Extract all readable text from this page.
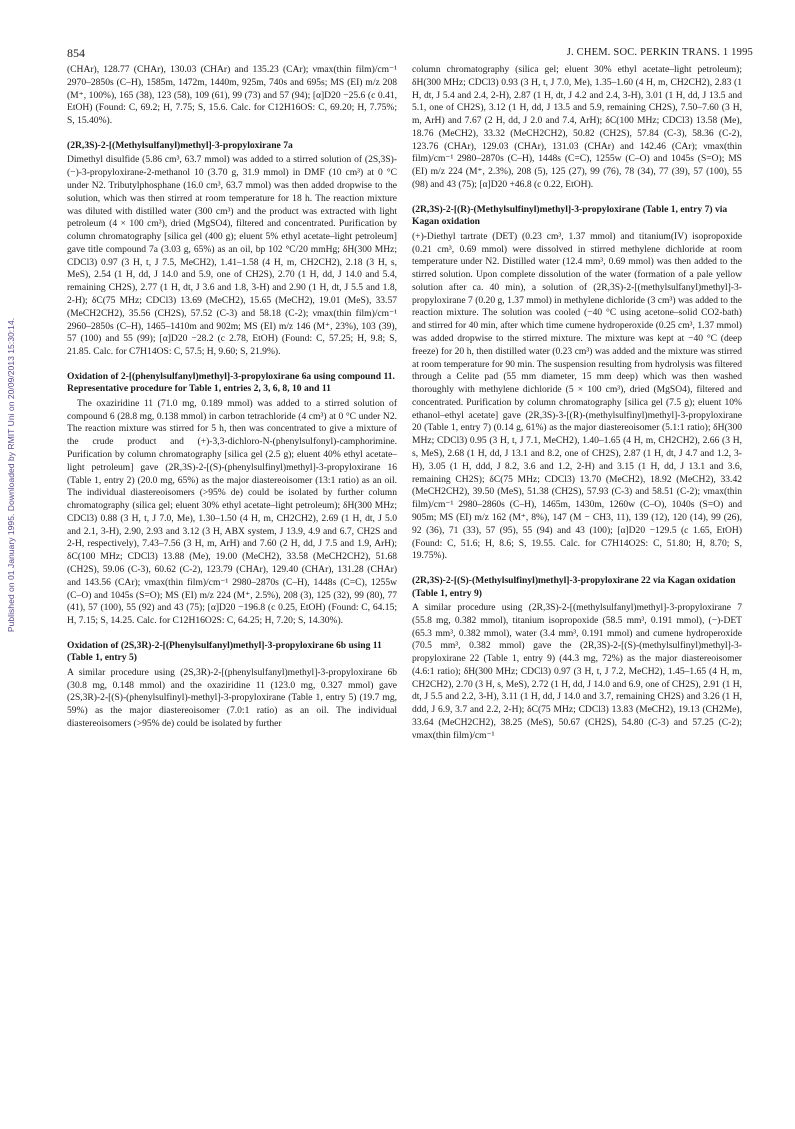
854	J. CHEM. SOC. PERKIN TRANS. 1 1995
Published on 01 January 1995. Downloaded by RMIT Uni on 20/09/2013 15:30:14.

(CHAr), 128.77 (CHAr), 130.03 (CHAr) and 135.23 (CAr); νmax(thin film)/cm⁻¹ 2970–2850s (C–H), 1585m, 1472m, 1440m, 925m, 740s and 695s; MS (EI) m/z 208 (M⁺, 100%), 165 (38), 123 (58), 109 (61), 99 (73) and 57 (94); [α]D20 −25.6 (c 0.41, EtOH) (Found: C, 69.2; H, 7.75; S, 15.6. Calc. for C12H16OS: C, 69.20; H, 7.75%; S, 15.40%).

(2R,3S)-2-[(Methylsulfanyl)methyl]-3-propyloxirane 7a

Dimethyl disulfide (5.86 cm³, 63.7 mmol) was added to a stirred solution of (2S,3S)-(−)-3-propyloxirane-2-methanol 10 (3.70 g, 31.9 mmol) in DMF (10 cm³) at 0 °C under N2. Tributylphosphane (16.0 cm³, 63.7 mmol) was then added dropwise to the solution, which was then stirred at room temperature for 18 h. The reaction mixture was diluted with distilled water (300 cm³) and the product was extracted with light petroleum (4 × 100 cm³), dried (MgSO4), filtered and concentrated. Purification by column chromatography [silica gel (400 g); eluent 5% ethyl acetate–light petroleum] gave title compound 7a (3.03 g, 65%) as an oil, bp 102 °C/20 mmHg; δH(300 MHz; CDCl3) 0.97 (3 H, t, J 7.5, MeCH2), 1.41–1.58 (4 H, m, CH2CH2), 2.18 (3 H, s, MeS), 2.54 (1 H, dd, J 14.0 and 5.9, one of CH2S), 2.70 (1 H, dd, J 14.0 and 5.4, remaining CH2S), 2.77 (1 H, dt, J 3.6 and 1.8, 3-H) and 2.90 (1 H, dt, J 5.5 and 1.8, 2-H); δC(75 MHz; CDCl3) 13.69 (MeCH2), 15.65 (MeCH2), 19.01 (MeS), 33.57 (MeCH2CH2), 35.56 (CH2S), 57.52 (C-3) and 58.18 (C-2); νmax(thin film)/cm⁻¹ 2960–2850s (C–H), 1465–1410m and 902m; MS (EI) m/z 146 (M⁺, 23%), 103 (39), 57 (100) and 55 (99); [α]D20 −28.2 (c 2.78, EtOH) (Found: C, 57.25; H, 9.8; S, 21.85. Calc. for C7H14OS: C, 57.5; H, 9.60; S, 21.9%).

Oxidation of 2-[(phenylsulfanyl)methyl]-3-propyloxirane 6a using compound 11. Representative procedure for Table 1, entries 2, 3, 6, 8, 10 and 11

The oxaziridine 11 (71.0 mg, 0.189 mmol) was added to a stirred solution of compound 6 (28.8 mg, 0.138 mmol) in carbon tetrachloride (4 cm³) at 0 °C under N2. The reaction mixture was stirred for 5 h, then was concentrated to give a mixture of the crude product and (+)-3,3-dichloro-N-(phenylsulfonyl)-camphorimine. Purification by column chromatography [silica gel (2.5 g); eluent 40% ethyl acetate–light petroleum] gave (2R,3S)-2-[(S)-(phenylsulfinyl)methyl]-3-propyloxirane 16 (Table 1, entry 2) (20.0 mg, 65%) as the major diastereoisomer (13:1 ratio) as an oil. The individual diastereoisomers (>95% de) could be isolated by further column chromatography (silica gel; eluent 30% ethyl acetate–light petroleum); δH(300 MHz; CDCl3) 0.88 (3 H, t, J 7.0, Me), 1.30–1.50 (4 H, m, CH2CH2), 2.69 (1 H, dt, J 5.0 and 2.1, 3-H), 2.90, 2.93 and 3.12 (3 H, ABX system, J 13.9, 4.9 and 6.7, CH2S and 2-H, respectively), 7.43–7.56 (3 H, m, ArH) and 7.60 (2 H, dd, J 7.5 and 1.9, ArH); δC(100 MHz; CDCl3) 13.88 (Me), 19.00 (MeCH2), 33.58 (MeCH2CH2), 51.68 (CH2S), 59.06 (C-3), 60.62 (C-2), 123.79 (CHAr), 129.40 (CHAr), 131.28 (CHAr) and 143.56 (CAr); νmax(thin film)/cm⁻¹ 2980–2870s (C–H), 1448s (C=C), 1255w (C–O) and 1045s (S=O); MS (EI) m/z 224 (M⁺, 2.5%), 208 (3), 125 (32), 99 (80), 77 (41), 57 (100), 55 (92) and 43 (75); [α]D20 −196.8 (c 0.25, EtOH) (Found: C, 64.15; H, 7.15; S, 14.25. Calc. for C12H16O2S: C, 64.25; H, 7.20; S, 14.30%).

Oxidation of (2S,3R)-2-[(Phenylsulfanyl)methyl]-3-propyloxirane 6b using 11 (Table 1, entry 5)

A similar procedure using (2S,3R)-2-[(phenylsulfanyl)methyl]-3-propyloxirane 6b (30.8 mg, 0.148 mmol) and the oxaziridine 11 (123.0 mg, 0.327 mmol) gave (2S,3R)-2-[(S)-(phenylsulfinyl)-methyl]-3-propyloxirane (Table 1, entry 5) (19.7 mg, 59%) as the major diastereoisomer (7.0:1 ratio) as an oil. The individual diastereoisomers (>95% de) could be isolated by further

column chromatography (silica gel; eluent 30% ethyl acetate–light petroleum); δH(300 MHz; CDCl3) 0.93 (3 H, t, J 7.0, Me), 1.35–1.60 (4 H, m, CH2CH2), 2.83 (1 H, dt, J 5.4 and 2.4, 2-H), 2.87 (1 H, dt, J 4.2 and 2.4, 3-H), 3.01 (1 H, dd, J 13.5 and 5.1, one of CH2S), 3.12 (1 H, dd, J 13.5 and 5.9, remaining CH2S), 7.50–7.60 (3 H, m, ArH) and 7.67 (2 H, dd, J 2.0 and 7.4, ArH); δC(100 MHz; CDCl3) 13.58 (Me), 18.76 (MeCH2), 33.32 (MeCH2CH2), 50.82 (CH2S), 57.84 (C-3), 58.36 (C-2), 123.76 (CHAr), 129.03 (CHAr), 131.03 (CHAr) and 142.46 (CAr); νmax(thin film)/cm⁻¹ 2980–2870s (C–H), 1448s (C=C), 1255w (C–O) and 1045s (S=O); MS (EI) m/z 224 (M⁺, 2.3%), 208 (5), 125 (27), 99 (76), 78 (34), 77 (39), 57 (100), 55 (98) and 43 (75); [α]D20 +46.8 (c 0.22, EtOH).

(2R,3S)-2-[(R)-(Methylsulfinyl)methyl]-3-propyloxirane (Table 1, entry 7) via Kagan oxidation

(+)-Diethyl tartrate (DET) (0.23 cm³, 1.37 mmol) and titanium(IV) isopropoxide (0.21 cm³, 0.69 mmol) were dissolved in stirred methylene dichloride at room temperature under N2. Distilled water (12.4 mm³, 0.69 mmol) was then added to the stirred solution. Upon complete dissolution of the water (formation of a pale yellow solution after ca. 40 min), a solution of (2R,3S)-2-[(methylsulfanyl)methyl]-3-propyloxirane 7 (0.20 g, 1.37 mmol) in methylene dichloride (3 cm³) was added to the reaction mixture. The solution was cooled (−40 °C using acetone–solid CO2-bath) and stirred for 40 min, after which time cumene hydroperoxide (0.25 cm³, 1.37 mmol) was added dropwise to the stirred mixture. The mixture was kept at −40 °C (deep freeze) for 20 h, then distilled water (0.23 cm³) was added and the mixture was stirred at room temperature for 90 min. The suspension resulting from hydrolysis was filtered through a Celite pad (55 mm diameter, 15 mm deep) which was then washed thoroughly with methylene dichloride (5 × 100 cm³), dried (MgSO4), filtered and concentrated. Purification by column chromatography [silica gel (7.5 g); eluent 10% ethanol–ethyl acetate] gave (2R,3S)-3-[(R)-(methylsulfinyl)methyl]-3-propyloxirane 20 (Table 1, entry 7) (0.14 g, 61%) as the major diastereoisomer (5.1:1 ratio); δH(300 MHz; CDCl3) 0.95 (3 H, t, J 7.1, MeCH2), 1.40–1.65 (4 H, m, CH2CH2), 2.66 (3 H, s, MeS), 2.68 (1 H, dd, J 13.1 and 8.2, one of CH2S), 2.87 (1 H, dt, J 4.7 and 1.2, 3-H), 3.05 (1 H, ddd, J 8.2, 3.6 and 1.2, 2-H) and 3.15 (1 H, dd, J 13.1 and 3.6, remaining CH2S); δC(75 MHz; CDCl3) 13.70 (MeCH2), 18.92 (MeCH2), 33.42 (MeCH2CH2), 39.50 (MeS), 51.38 (CH2S), 57.93 (C-3) and 58.51 (C-2); νmax(thin film)/cm⁻¹ 2980–2860s (C–H), 1465m, 1430m, 1260w (C–O), 1040s (S=O) and 905m; MS (EI) m/z 162 (M⁺, 8%), 147 (M − CH3, 11), 139 (12), 120 (14), 99 (26), 92 (36), 71 (33), 57 (95), 55 (94) and 43 (100); [α]D20 −129.5 (c 1.65, EtOH) (Found: C, 51.6; H, 8.6; S, 19.55. Calc. for C7H14O2S: C, 51.80; H, 8.70; S, 19.75%).

(2R,3S)-2-[(S)-(Methylsulfinyl)methyl]-3-propyloxirane 22 via Kagan oxidation (Table 1, entry 9)

A similar procedure using (2R,3S)-2-[(methylsulfanyl)methyl]-3-propyloxirane 7 (55.8 mg, 0.382 mmol), titanium isopropoxide (58.5 mm³, 0.191 mmol), (−)-DET (65.3 mm³, 0.382 mmol), water (3.4 mm³, 0.191 mmol) and cumene hydroperoxide (70.5 mm³, 0.382 mmol) gave the (2R,3S)-2-[(S)-(methylsulfinyl)methyl]-3-propyloxirane 22 (Table 1, entry 9) (44.3 mg, 72%) as the major diastereoisomer (4.6:1 ratio); δH(300 MHz; CDCl3) 0.97 (3 H, t, J 7.2, MeCH2), 1.45–1.65 (4 H, m, CH2CH2), 2.70 (3 H, s, MeS), 2.72 (1 H, dd, J 14.0 and 6.9, one of CH2S), 2.91 (1 H, dt, J 5.5 and 2.2, 3-H), 3.11 (1 H, dd, J 14.0 and 3.7, remaining CH2S) and 3.26 (1 H, ddd, J 6.9, 3.7 and 2.2, 2-H); δC(75 MHz; CDCl3) 13.83 (MeCH2), 19.13 (CH2Me), 33.64 (MeCH2CH2), 38.25 (MeS), 50.67 (CH2S), 54.80 (C-3) and 57.25 (C-2); νmax(thin film)/cm⁻¹
